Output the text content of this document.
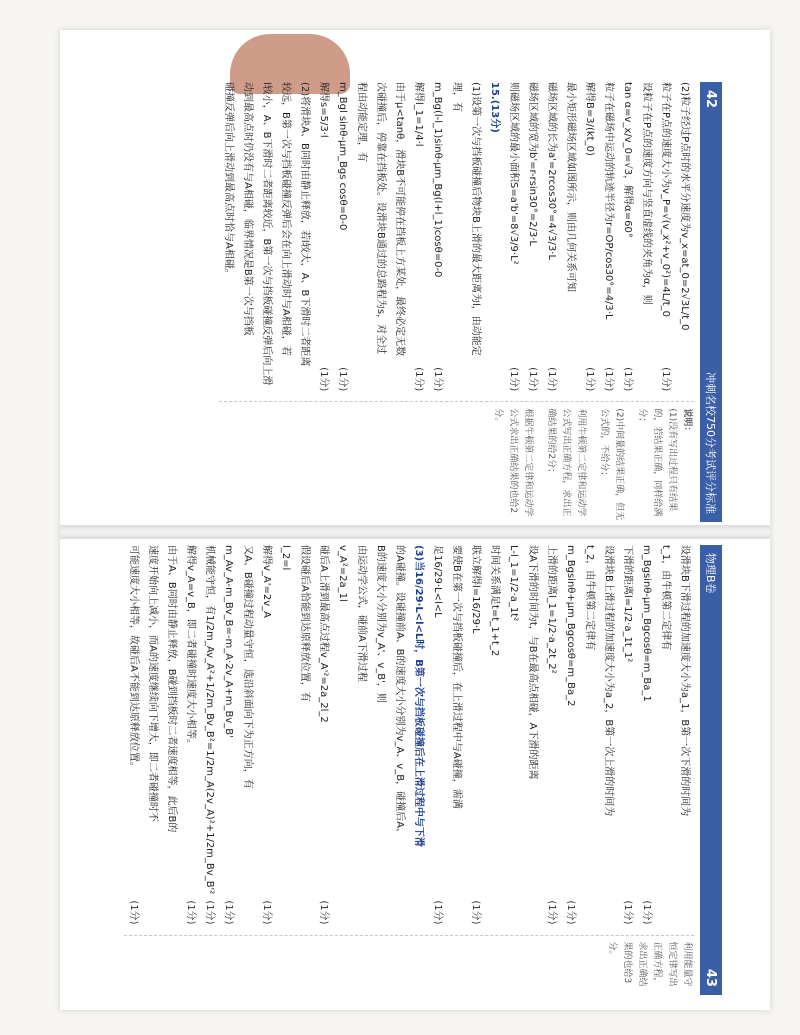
42
冲刺名校750分考试评分标准
(2)粒子经过P点时的水平分速度为v_x=at_0=2√3L/t_0
粒子在P点的速度大小为v_P=√(v_x²+v_0²)=4L/t_0
(1分)
设粒子在P点的速度方向与竖直虚线的夹角为α，则
tan α=v_x/v_0=√3，解得α=60°
(1分)
粒子在磁场中运动的轨迹半径为r=OP/cos30°=4/3·L
(1分)
解得B=3/(kt_0)
(1分)
最小矩形磁场区域如图所示，则由几何关系可知
磁场区域的长为a'=2rcos30°=4√3/3·L
(1分)
磁场区域的宽为b'=r-rsin30°=2/3·L
(1分)
则磁场区域的最小面积S=a'b'=8√3/9·L²
(1分)
15.(13分)
(1)设第一次与挡板碰撞后物块B上滑的最大距离为l，由动能定
理，有
m_Bg(l-l_1)sinθ-μm_Bg(l+l_1)cosθ=0-0
(1分)
解得l_1=1/4·l
(1分)
由于μ<tanθ，滑块B不可能停在挡板上方某处，最终必定无数
次碰撞后，停靠在挡板处。设滑块B通过的总路程为s，对全过
程由动能定理，有
m_Bgl sinθ-μm_Bgs cosθ=0-0
(1分)
解得s=5/3·l
(1分)
(2)将滑块A、B同时由静止释放，若l较大，A、B下滑时二者距离
较远，B第一次与挡板碰撞反弹后会在向上滑动时与A相碰，若
l较小，A、B下滑时二者距离较近，B第一次与挡板碰撞反弹后向上滑
动到最高点时仍没有与A相碰，临界情况是B第一次与挡板
碰撞反弹后向上滑动到最高点时恰与A相碰。
说明：
(1)没有写出过程只有结果的，若结果正确，同样给满分；
(2)中间量的结果正确，但无公式的，不给分；
利用牛顿第二定律和运动学公式写出正确方程，求出正确结果的给2分；
根据牛顿第二定律和运动学公式求出正确结果的也给2分。
物理B卷
43
设滑块B下滑过程的加速度大小为a_1，B第一次下滑的时间为
t_1，由牛顿第二定律有
m_Bgsinθ-μm_Bgcosθ=m_Ba_1
(1分)
下滑的距离l=1/2·a_1t_1²
(1分)
设滑块B上滑过程的加速度大小为a_2，B第一次上滑的时间为
t_2，由牛顿第二定律有
m_Bgsinθ+μm_Bgcosθ=m_Ba_2
(1分)
上滑的距离l_1=1/2·a_2t_2²
(1分)
设A下滑的时间为t，与B在最高点相碰，A下滑的距离
L-l_1=1/2·a_1t²
时间关系满足t=t_1+t_2
联立解得l=16/29·L
(1分)
要使B在第一次与挡板碰撞后，在上滑过程中与A碰撞，需满
足16/29·L<l<L
(1分)
(3)当16/29·L<l<L时，B第一次与挡板碰撞后在上滑过程中与下滑
的A碰撞。设碰撞前A、B的速度大小分别为v_A、v_B，碰撞后A、
B的速度大小分别为v_A'、v_B'，则
由运动学公式，碰前A下滑过程
v_A²=2a_1l
碰后A上滑到最高点过程v_A'²=2a_2l_2
(1分)
假设碰后A恰能到达原释放位置，有
l_2=l
解得v_A'=2v_A
(1分)
又A、B碰撞过程动量守恒，选沿斜面向下为正方向，有
m_Av_A-m_Bv_B=-m_A·2v_A+m_Bv_B'
(1分)
机械能守恒，有1/2m_Av_A²+1/2m_Bv_B²=1/2m_A(2v_A)²+1/2m_Bv_B'²
(1分)
解得v_A=v_B，即二者碰撞时速度大小相等。
(1分)
由于A、B同时由静止释放，B碰到挡板时二者速度相等，此后B的
速度开始向上减小，而A的速度继续向下增大，即二者碰撞时不
可能速度大小相等，故碰后A不能到达原释放位置。
(1分)
利用能量守恒定律写出正确方程，求出正确结果的也给3分。
